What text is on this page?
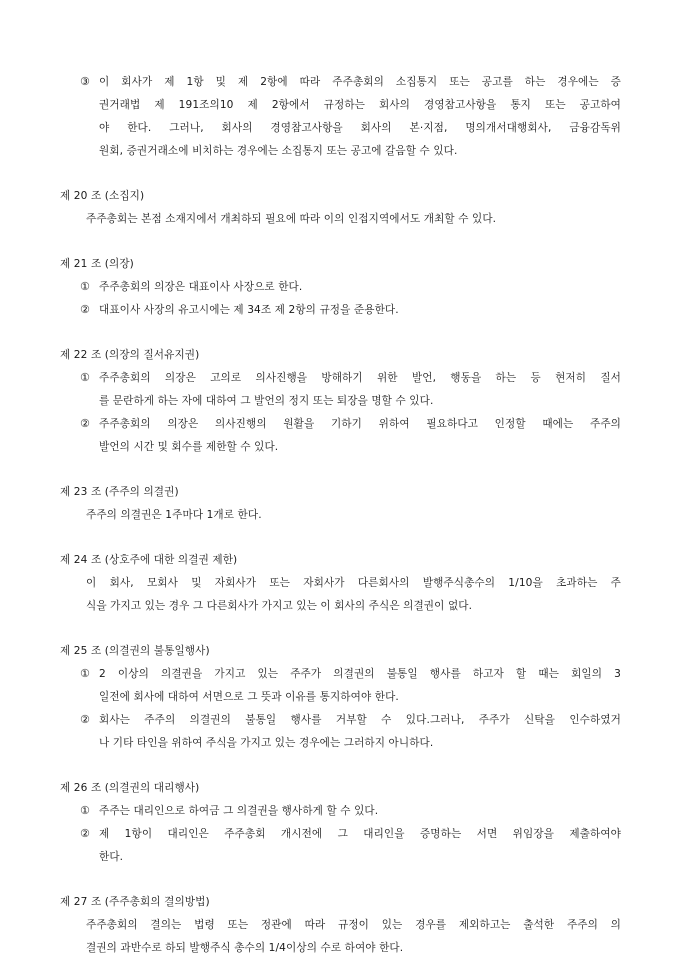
③ 이 회사가 제 1항 및 제 2항에 따라 주주총회의 소집통지 또는 공고를 하는 경우에는 증
권거래법 제 191조의10 제 2항에서 규정하는 회사의 경영참고사항을 통지 또는 공고하여
야 한다. 그러나, 회사의 경영참고사항을 회사의 본·지점, 명의개서대행회사, 금융감독위
원회, 증권거래소에 비치하는 경우에는 소집통지 또는 공고에 갈음할 수 있다.
제 20 조 (소집지)
주주총회는 본점 소재지에서 개최하되 필요에 따라 이의 인접지역에서도 개최할 수 있다.
제 21 조 (의장)
① 주주총회의 의장은 대표이사 사장으로 한다.
② 대표이사 사장의 유고시에는 제 34조 제 2항의 규정을 준용한다.
제 22 조 (의장의 질서유지권)
① 주주총회의 의장은 고의로 의사진행을 방해하기 위한 발언, 행동을 하는 등 현저히 질서
를 문란하게 하는 자에 대하여 그 발언의 정지 또는 퇴장을 명할 수 있다.
② 주주총회의 의장은 의사진행의 원활을 기하기 위하여 필요하다고 인정할 때에는 주주의
발언의 시간 및 회수를 제한할 수 있다.
제 23 조 (주주의 의결권)
주주의 의결권은 1주마다 1개로 한다.
제 24 조 (상호주에 대한 의결권 제한)
이 회사, 모회사 및 자회사가 또는 자회사가 다른회사의 발행주식총수의 1/10을 초과하는 주
식을 가지고 있는 경우 그 다른회사가 가지고 있는 이 회사의 주식은 의결권이 없다.
제 25 조 (의결권의 불통일행사)
① 2 이상의 의결권을 가지고 있는 주주가 의결권의 불통일 행사를 하고자 할 때는 회일의 3
일전에 회사에 대하여 서면으로 그 뜻과 이유를 통지하여야 한다.
② 회사는 주주의 의결권의 불통일 행사를 거부할 수 있다.그러나, 주주가 신탁을 인수하였거
나 기타 타인을 위하여 주식을 가지고 있는 경우에는 그러하지 아니하다.
제 26 조 (의결권의 대리행사)
① 주주는 대리인으로 하여금 그 의결권을 행사하게 할 수 있다.
② 제 1항이 대리인은 주주총회 개시전에 그 대리인을 증명하는 서면 위임장을 제출하여야
한다.
제 27 조 (주주총회의 결의방법)
주주총회의 결의는 법령 또는 정관에 따라 규정이 있는 경우를 제외하고는 출석한 주주의 의
결권의 과반수로 하되 발행주식 총수의 1/4이상의 수로 하여야 한다.
